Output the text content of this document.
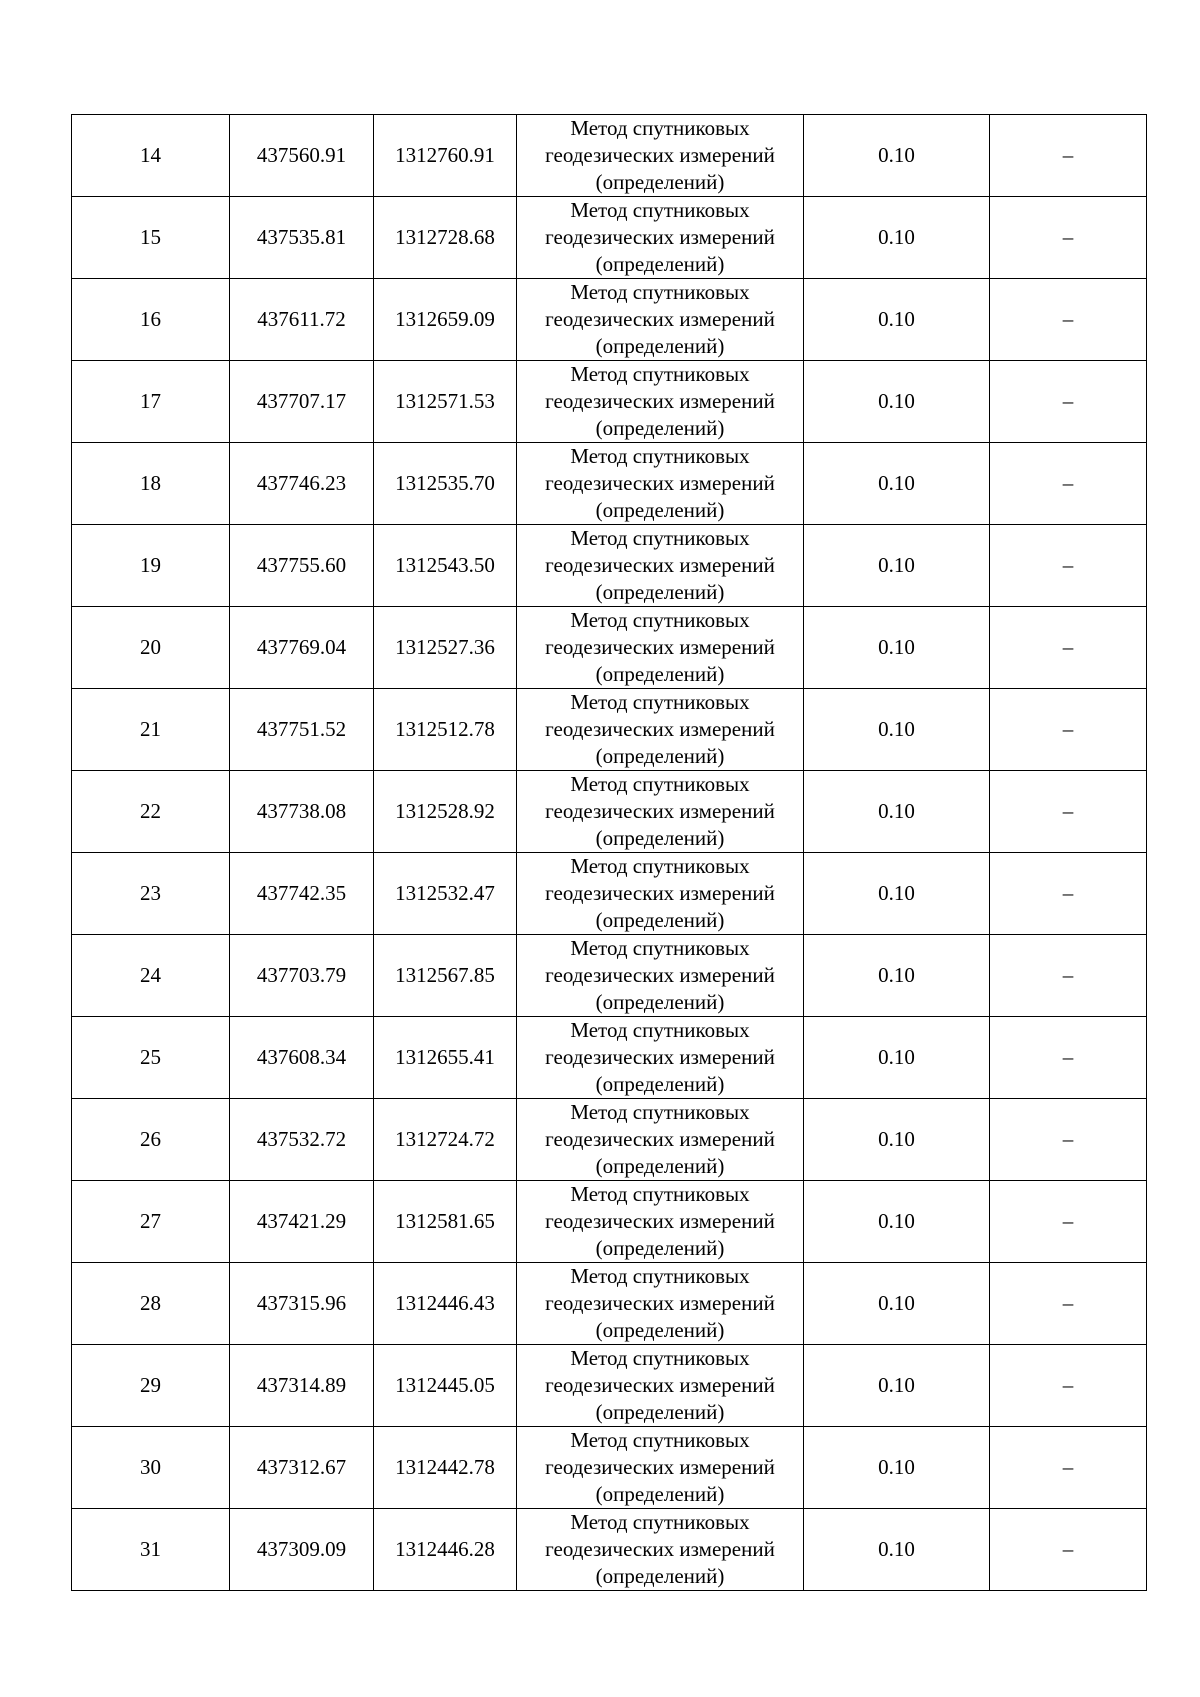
14	437560.91	1312760.91	Метод спутниковых
геодезических измерений
(определений)	0.10	–
15	437535.81	1312728.68	Метод спутниковых
геодезических измерений
(определений)	0.10	–
16	437611.72	1312659.09	Метод спутниковых
геодезических измерений
(определений)	0.10	–
17	437707.17	1312571.53	Метод спутниковых
геодезических измерений
(определений)	0.10	–
18	437746.23	1312535.70	Метод спутниковых
геодезических измерений
(определений)	0.10	–
19	437755.60	1312543.50	Метод спутниковых
геодезических измерений
(определений)	0.10	–
20	437769.04	1312527.36	Метод спутниковых
геодезических измерений
(определений)	0.10	–
21	437751.52	1312512.78	Метод спутниковых
геодезических измерений
(определений)	0.10	–
22	437738.08	1312528.92	Метод спутниковых
геодезических измерений
(определений)	0.10	–
23	437742.35	1312532.47	Метод спутниковых
геодезических измерений
(определений)	0.10	–
24	437703.79	1312567.85	Метод спутниковых
геодезических измерений
(определений)	0.10	–
25	437608.34	1312655.41	Метод спутниковых
геодезических измерений
(определений)	0.10	–
26	437532.72	1312724.72	Метод спутниковых
геодезических измерений
(определений)	0.10	–
27	437421.29	1312581.65	Метод спутниковых
геодезических измерений
(определений)	0.10	–
28	437315.96	1312446.43	Метод спутниковых
геодезических измерений
(определений)	0.10	–
29	437314.89	1312445.05	Метод спутниковых
геодезических измерений
(определений)	0.10	–
30	437312.67	1312442.78	Метод спутниковых
геодезических измерений
(определений)	0.10	–
31	437309.09	1312446.28	Метод спутниковых
геодезических измерений
(определений)	0.10	–
